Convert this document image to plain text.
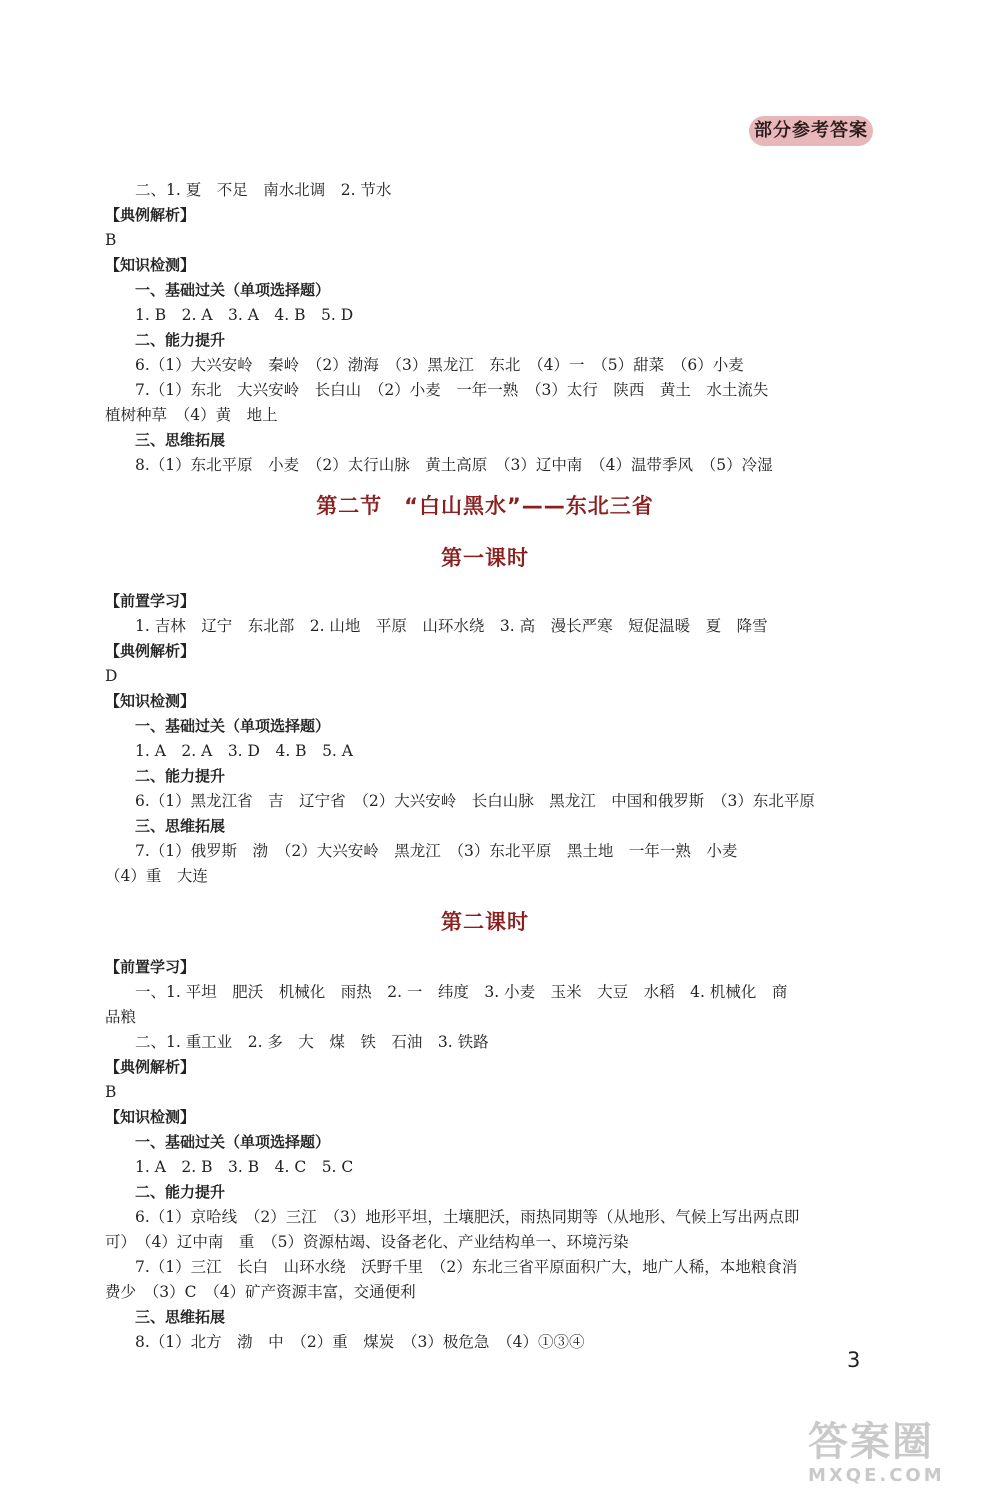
部分参考答案
二、1. 夏　不足　南水北调　2. 节水
【典例解析】
B
【知识检测】
一、基础过关（单项选择题）
1. B　2. A　3. A　4. B　5. D
二、能力提升
6.（1）大兴安岭　秦岭　（2）渤海　（3）黑龙江　东北　（4）一　（5）甜菜　（6）小麦
7.（1）东北　大兴安岭　长白山　（2）小麦　一年一熟　（3）太行　陕西　黄土　水土流失
植树种草　（4）黄　地上
三、思维拓展
8.（1）东北平原　小麦　（2）太行山脉　黄土高原　（3）辽中南　（4）温带季风　（5）冷湿
第二节　“白山黑水”——东北三省
第一课时
【前置学习】
1. 吉林　辽宁　东北部　2. 山地　平原　山环水绕　3. 高　漫长严寒　短促温暖　夏　降雪
【典例解析】
D
【知识检测】
一、基础过关（单项选择题）
1. A　2. A　3. D　4. B　5. A
二、能力提升
6.（1）黑龙江省　吉　辽宁省　（2）大兴安岭　长白山脉　黑龙江　中国和俄罗斯　（3）东北平原
三、思维拓展
7.（1）俄罗斯　渤　（2）大兴安岭　黑龙江　（3）东北平原　黑土地　一年一熟　小麦
（4）重　大连
第二课时
【前置学习】
一、1. 平坦　肥沃　机械化　雨热　2. 一　纬度　3. 小麦　玉米　大豆　水稻　4. 机械化　商
品粮
二、1. 重工业　2. 多　大　煤　铁　石油　3. 铁路
【典例解析】
B
【知识检测】
一、基础过关（单项选择题）
1. A　2. B　3. B　4. C　5. C
二、能力提升
6.（1）京哈线　（2）三江　（3）地形平坦，土壤肥沃，雨热同期等（从地形、气候上写出两点即
可）　（4）辽中南　重　（5）资源枯竭、设备老化、产业结构单一、环境污染
7.（1）三江　长白　山环水绕　沃野千里　（2）东北三省平原面积广大，地广人稀，本地粮食消
费少　（3）C　（4）矿产资源丰富，交通便利
三、思维拓展
8.（1）北方　渤　中　（2）重　煤炭　（3）极危急　（4）①③④
3
答案圈
MXQE.COM
